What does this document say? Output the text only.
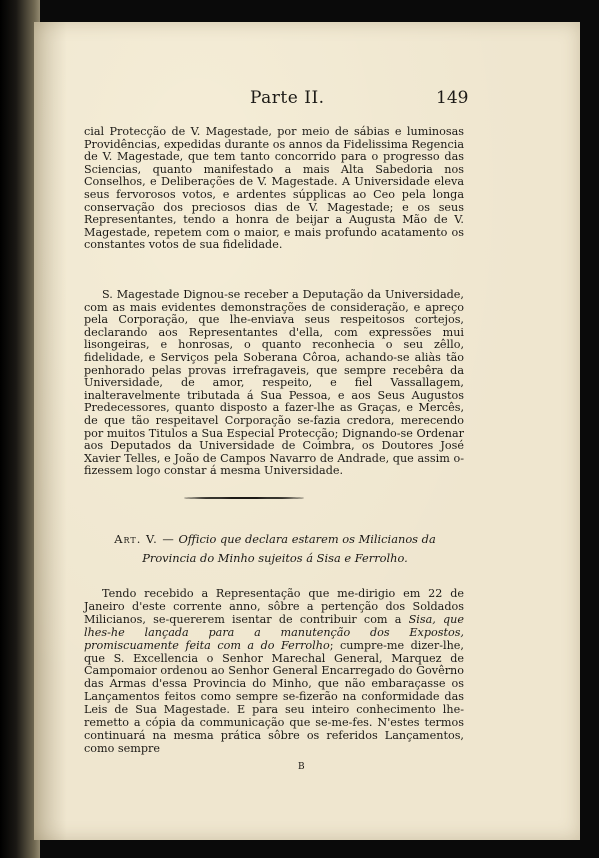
Parte II.	149

cial Protecção de V. Magestade, por meio de sábias e luminosas Providências, expedidas durante os annos da Fidelissima Regencia de V. Magestade, que tem tanto concorrido para o progresso das Sciencias, quanto manifestado a mais Alta Sabedoria nos Conselhos, e Deliberações de V. Magestade. A Universidade eleva seus fervorosos votos, e ardentes súpplicas ao Ceo pela longa conservação dos preciosos dias de V. Magestade; e os seus Representantes, tendo a honra de beijar a Augusta Mão de V. Magestade, repetem com o maior, e mais profundo acatamento os constantes votos de sua fidelidade.

S. Magestade Dignou-se receber a Deputação da Universidade, com as mais evidentes demonstrações de consideração, e apreço pela Corporação, que lhe-enviava seus respeitosos cortejos, declarando aos Representantes d'ella, com expressões mui lisongeiras, e honrosas, o quanto reconhecia o seu zêllo, fidelidade, e Serviços pela Soberana Côroa, achando-se aliàs tão penhorado pelas provas irrefragaveis, que sempre recebêra da Universidade, de amor, respeito, e fiel Vassallagem, inalteravelmente tributada á Sua Pessoa, e aos Seus Augustos Predecessores, quanto disposto a fazer-lhe as Graças, e Mercês, de que tão respeitavel Corporação se-fazia credora, merecendo por muitos Titulos a Sua Especial Protecção; Dignando-se Ordenar aos Deputados da Universidade de Coimbra, os Doutores José Xavier Telles, e João de Campos Navarro de Andrade, que assim o-fizessem logo constar á mesma Universidade.

Art. V. — Officio que declara estarem os Milicianos da
Provincia do Minho sujeitos á Sisa e Ferrolho.

Tendo recebido a Representação que me-dirigio em 22 de Janeiro d'este corrente anno, sôbre a pertenção dos Soldados Milicianos, se-quererem isentar de contribuir com a Sisa, que lhes-he lançada para a manutenção dos Expostos, promiscuamente feita com a do Ferrolho; cumpre-me dizer-lhe, que S. Excellencia o Senhor Marechal General, Marquez de Campomaior ordenou ao Senhor General Encarregado do Govêrno das Armas d'essa Provincia do Minho, que não embaraçasse os Lançamentos feitos como sempre se-fizerão na conformidade das Leis de Sua Magestade. E para seu inteiro conhecimento lhe-remetto a cópia da communicação que se-me-fes. N'estes termos continuará na mesma prática sôbre os referidos Lançamentos, como sempre

B
